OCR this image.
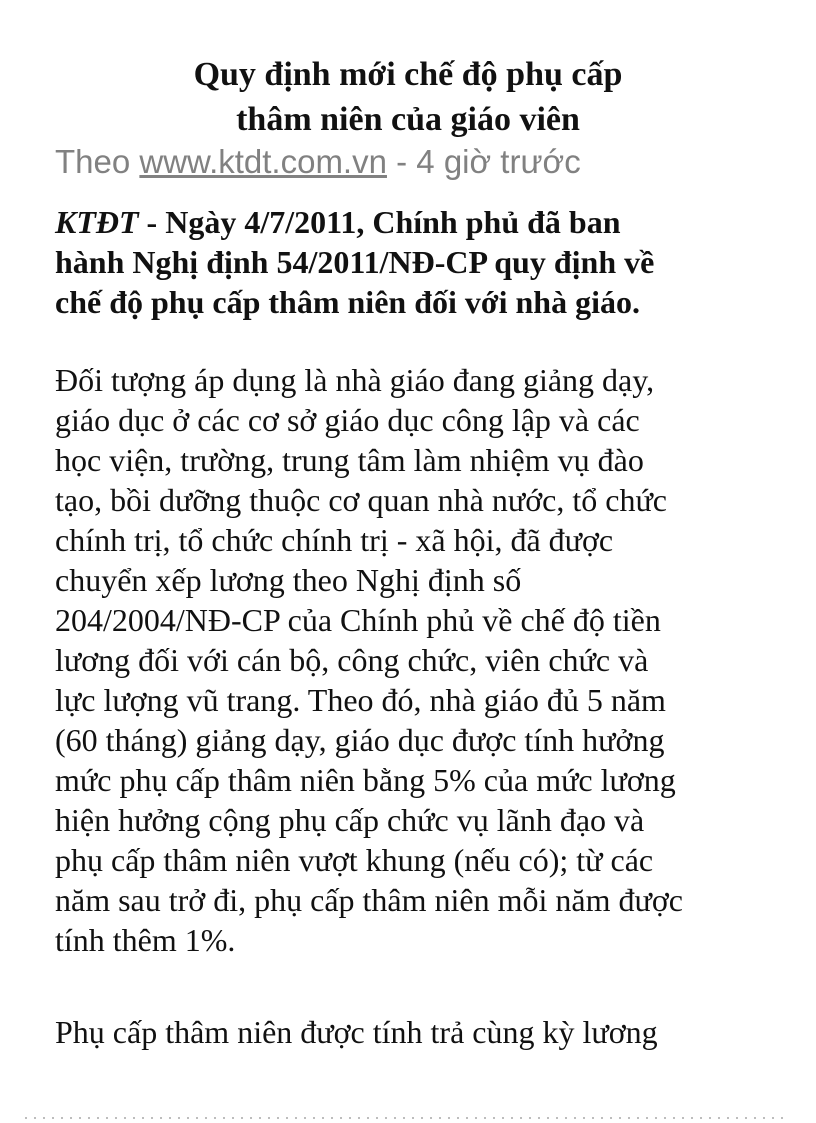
Quy định mới chế độ phụ cấp
thâm niên của giáo viên
Theo www.ktdt.com.vn - 4 giờ trước
KTĐT - Ngày 4/7/2011, Chính phủ đã ban
hành Nghị định 54/2011/NĐ-CP quy định về
chế độ phụ cấp thâm niên đối với nhà giáo.
Đối tượng áp dụng là nhà giáo đang giảng dạy,
giáo dục ở các cơ sở giáo dục công lập và các
học viện, trường, trung tâm làm nhiệm vụ đào
tạo, bồi dưỡng thuộc cơ quan nhà nước, tổ chức
chính trị, tổ chức chính trị - xã hội, đã được
chuyển xếp lương theo Nghị định số
204/2004/NĐ-CP của Chính phủ về chế độ tiền
lương đối với cán bộ, công chức, viên chức và
lực lượng vũ trang. Theo đó, nhà giáo đủ 5 năm
(60 tháng) giảng dạy, giáo dục được tính hưởng
mức phụ cấp thâm niên bằng 5% của mức lương
hiện hưởng cộng phụ cấp chức vụ lãnh đạo và
phụ cấp thâm niên vượt khung (nếu có); từ các
năm sau trở đi, phụ cấp thâm niên mỗi năm được
tính thêm 1%.
Phụ cấp thâm niên được tính trả cùng kỳ lương
